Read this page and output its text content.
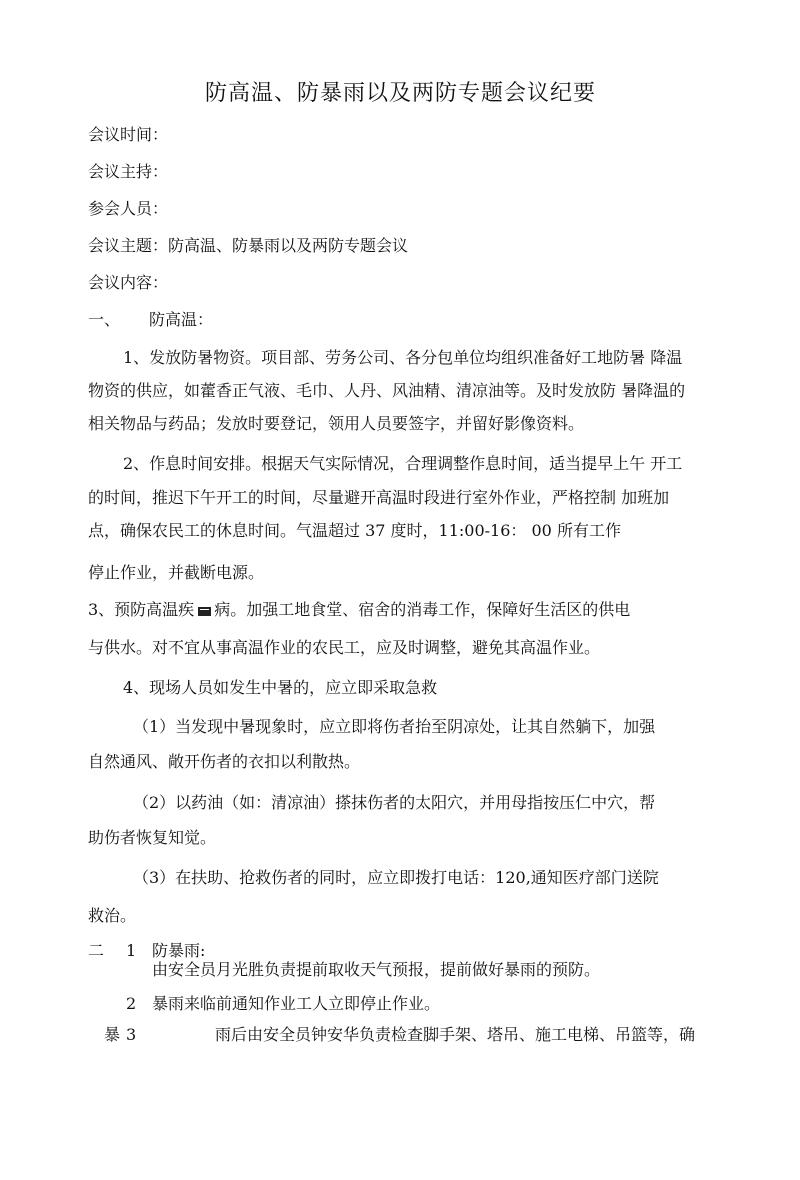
防高温、防暴雨以及两防专题会议纪要
会议时间：
会议主持：
参会人员：
会议主题：防高温、防暴雨以及两防专题会议
会议内容：
一、 防高温：
1、发放防暑物资。项目部、劳务公司、各分包单位均组织准备好工地防暑 降温
物资的供应，如藿香正气液、毛巾、人丹、风油精、清凉油等。及时发放防 暑降温的
相关物品与药品；发放时要登记，领用人员要签字，并留好影像资料。
2、作息时间安排。根据天气实际情况，合理调整作息时间，适当提早上午 开工
的时间，推迟下午开工的时间，尽量避开高温时段进行室外作业，严格控制 加班加
点，确保农民工的休息时间。气温超过 37 度时，11:00-16： 00 所有工作
停止作业，并截断电源。
3、预防高温疾 病。加强工地食堂、宿舍的消毒工作，保障好生活区的供电
与供水。对不宜从事高温作业的农民工，应及时调整，避免其高温作业。
4、现场人员如发生中暑的，应立即采取急救
（1）当发现中暑现象时，应立即将伤者抬至阴凉处，让其自然躺下，加强
自然通风、敞开伤者的衣扣以利散热。
（2）以药油（如：清凉油）搽抹伤者的太阳穴，并用母指按压仁中穴，帮
助伤者恢复知觉。
（3）在扶助、抢救伤者的同时，应立即拨打电话：120,通知医疗部门送院
救治。
二 1 防暴雨:
由安全员月光胜负责提前取收天气预报，提前做好暴雨的预防。
2 暴雨来临前通知作业工人立即停止作业。
暴 3	雨后由安全员钟安华负责检查脚手架、塔吊、施工电梯、吊篮等，确
